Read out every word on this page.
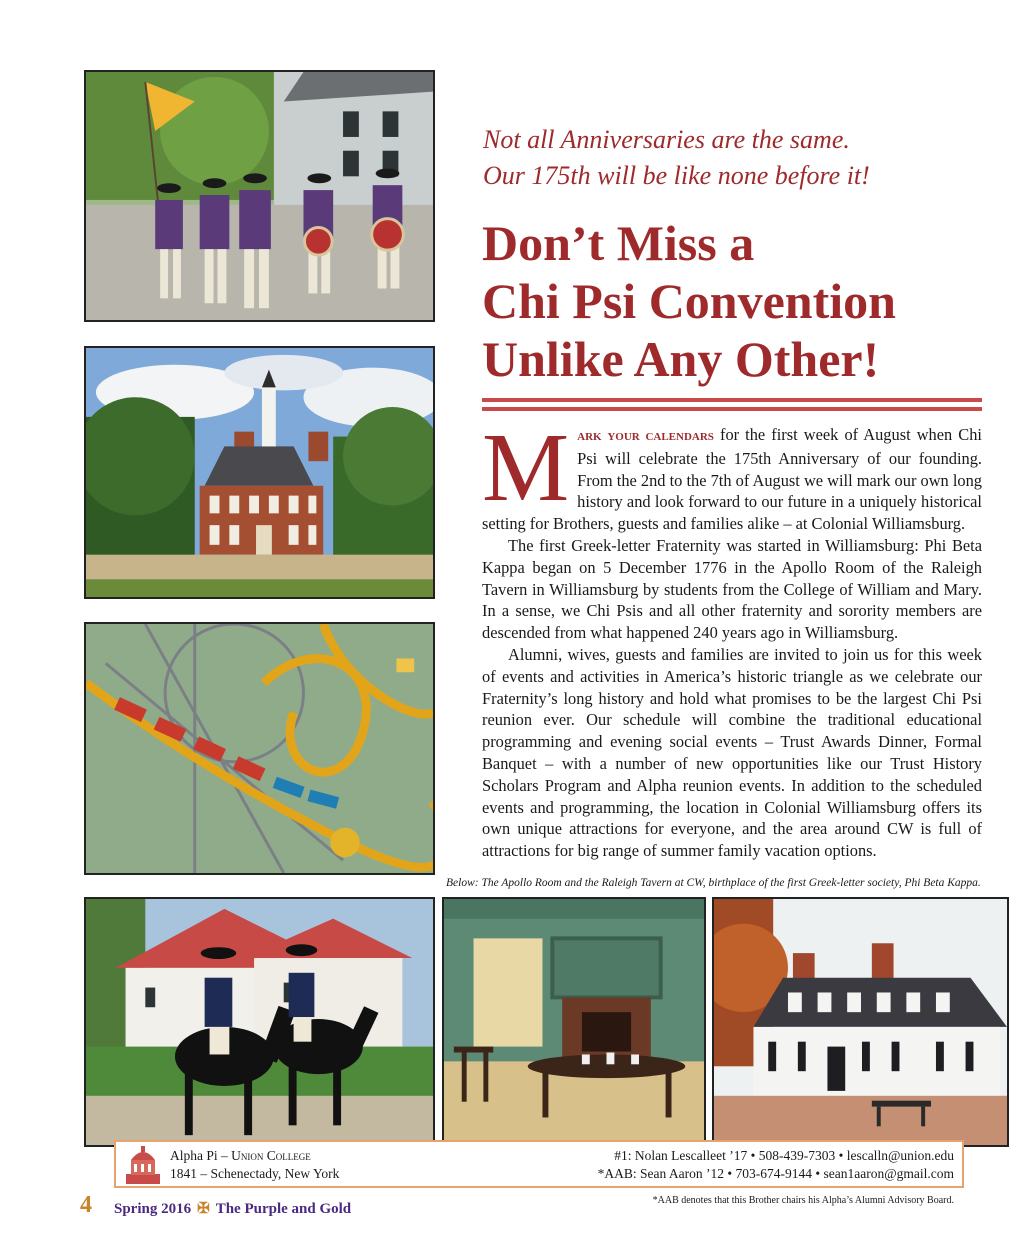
Not all Anniversaries are the same.
Our 175th will be like none before it!
Don’t Miss a
Chi Psi Convention
Unlike Any Other!

Mark your calendars for the first week of August when Chi Psi will celebrate the 175th Anniversary of our founding. From the 2nd to the 7th of August we will mark our own long history and look forward to our future in a uniquely historical setting for Brothers, guests and families alike – at Colonial Williamsburg.

The first Greek-letter Fraternity was started in Williamsburg: Phi Beta Kappa began on 5 December 1776 in the Apollo Room of the Raleigh Tavern in Williamsburg by students from the College of William and Mary. In a sense, we Chi Psis and all other fraternity and sorority members are descended from what happened 240 years ago in Williamsburg.

Alumni, wives, guests and families are invited to join us for this week of events and activities in America’s historic triangle as we celebrate our Fraternity’s long history and hold what promises to be the largest Chi Psi reunion ever. Our schedule will combine the traditional educational programming and evening social events – Trust Awards Dinner, Formal Banquet – with a number of new opportunities like our Trust History Scholars Program and Alpha reunion events. In addition to the scheduled events and programming, the location in Colonial Williamsburg offers its own unique attractions for everyone, and the area around CW is full of attractions for big range of summer family vacation options.

Below: The Apollo Room and the Raleigh Tavern at CW, birthplace of the first Greek-letter society, Phi Beta Kappa.
Alpha Pi – Union College
1841 – Schenectady, New York
#1: Nolan Lescalleet ’17 • 508-439-7303 • lescalln@union.edu
*AAB: Sean Aaron ’12 • 703-674-9144 • sean1aaron@gmail.com
4 Spring 2016 ✠ The Purple and Gold
*AAB denotes that this Brother chairs his Alpha’s Alumni Advisory Board.
